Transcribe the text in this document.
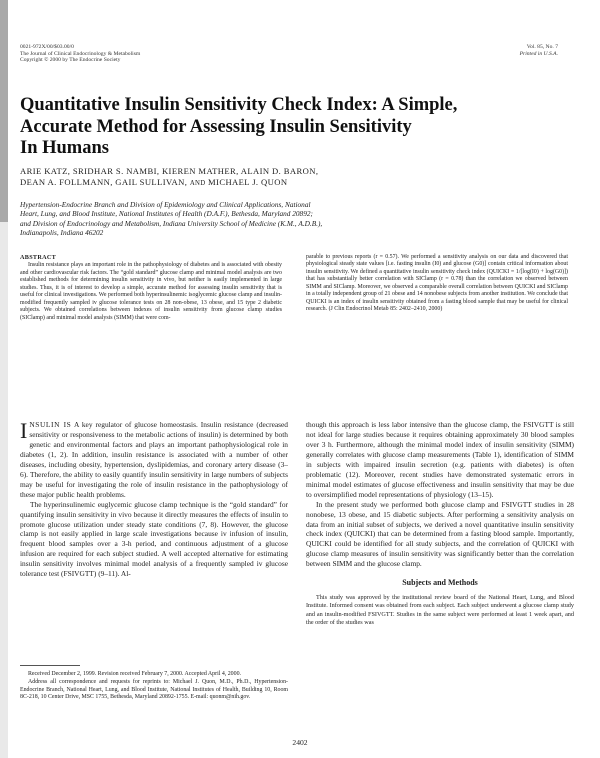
0021-972X/00/$03.00/0
The Journal of Clinical Endocrinology & Metabolism
Copyright © 2000 by The Endocrine Society
Vol. 85, No. 7
Printed in U.S.A.
Quantitative Insulin Sensitivity Check Index: A Simple,
Accurate Method for Assessing Insulin Sensitivity
In Humans
ARIE KATZ, SRIDHAR S. NAMBI, KIEREN MATHER, ALAIN D. BARON,
DEAN A. FOLLMANN, GAIL SULLIVAN, AND MICHAEL J. QUON
Hypertension-Endocrine Branch and Division of Epidemiology and Clinical Applications, National
Heart, Lung, and Blood Institute, National Institutes of Health (D.A.F.), Bethesda, Maryland 20892;
and Division of Endocrinology and Metabolism, Indiana University School of Medicine (K.M., A.D.B.),
Indianapolis, Indiana 46202
ABSTRACT

Insulin resistance plays an important role in the pathophysiology of diabetes and is associated with obesity and other cardiovascular risk factors. The “gold standard” glucose clamp and minimal model analysis are two established methods for determining insulin sensitivity in vivo, but neither is easily implemented in large studies. Thus, it is of interest to develop a simple, accurate method for assessing insulin sensitivity that is useful for clinical investigations. We performed both hyperinsulinemic isoglycemic glucose clamp and insulin-modified frequently sampled iv glucose tolerance tests on 28 non-obese, 13 obese, and 15 type 2 diabetic subjects. We obtained correlations between indexes of insulin sensitivity from glucose clamp studies (SIClamp) and minimal model analysis (SIMM) that were com-

parable to previous reports (r = 0.57). We performed a sensitivity analysis on our data and discovered that physiological steady state values [i.e. fasting insulin (I0) and glucose (G0)] contain critical information about insulin sensitivity. We defined a quantitative insulin sensitivity check index (QUICKI = 1/[log(I0) + log(G0)]) that has substantially better correlation with SIClamp (r = 0.78) than the correlation we observed between SIMM and SIClamp. Moreover, we observed a comparable overall correlation between QUICKI and SIClamp in a totally independent group of 21 obese and 14 nonobese subjects from another institution. We conclude that QUICKI is an index of insulin sensitivity obtained from a fasting blood sample that may be useful for clinical research. (J Clin Endocrinol Metab 85: 2402–2410, 2000)

INSULIN IS A key regulator of glucose homeostasis. Insulin resistance (decreased sensitivity or responsiveness to the metabolic actions of insulin) is determined by both genetic and environmental factors and plays an important pathophysiological role in diabetes (1, 2). In addition, insulin resistance is associated with a number of other diseases, including obesity, hypertension, dyslipidemias, and coronary artery disease (3–6). Therefore, the ability to easily quantify insulin sensitivity in large numbers of subjects may be useful for investigating the role of insulin resistance in the pathophysiology of these major public health problems.

The hyperinsulinemic euglycemic glucose clamp technique is the “gold standard” for quantifying insulin sensitivity in vivo because it directly measures the effects of insulin to promote glucose utilization under steady state conditions (7, 8). However, the glucose clamp is not easily applied in large scale investigations because iv infusion of insulin, frequent blood samples over a 3-h period, and continuous adjustment of a glucose infusion are required for each subject studied. A well accepted alternative for estimating insulin sensitivity involves minimal model analysis of a frequently sampled iv glucose tolerance test (FSIVGTT) (9–11). Al-

though this approach is less labor intensive than the glucose clamp, the FSIVGTT is still not ideal for large studies because it requires obtaining approximately 30 blood samples over 3 h. Furthermore, although the minimal model index of insulin sensitivity (SIMM) generally correlates with glucose clamp measurements (Table 1), identification of SIMM in subjects with impaired insulin secretion (e.g. patients with diabetes) is often problematic (12). Moreover, recent studies have demonstrated systematic errors in minimal model estimates of glucose effectiveness and insulin sensitivity that may be due to oversimplified model representations of physiology (13–15).

In the present study we performed both glucose clamp and FSIVGTT studies in 28 nonobese, 13 obese, and 15 diabetic subjects. After performing a sensitivity analysis on data from an initial subset of subjects, we derived a novel quantitative insulin sensitivity check index (QUICKI) that can be determined from a fasting blood sample. Importantly, QUICKI could be identified for all study subjects, and the correlation of QUICKI with glucose clamp measures of insulin sensitivity was significantly better than the correlation between SIMM and the glucose clamp.

Subjects and Methods

This study was approved by the institutional review board of the National Heart, Lung, and Blood Institute. Informed consent was obtained from each subject. Each subject underwent a glucose clamp study and an insulin-modified FSIVGTT. Studies in the same subject were performed at least 1 week apart, and the order of the studies was

Received December 2, 1999. Revision received February 7, 2000. Accepted April 4, 2000.

Address all correspondence and requests for reprints to: Michael J. Quon, M.D., Ph.D., Hypertension-Endocrine Branch, National Heart, Lung, and Blood Institute, National Institutes of Health, Building 10, Room 8C-218, 10 Center Drive, MSC 1755, Bethesda, Maryland 20892-1755. E-mail: quonm@nih.gov.

2402
